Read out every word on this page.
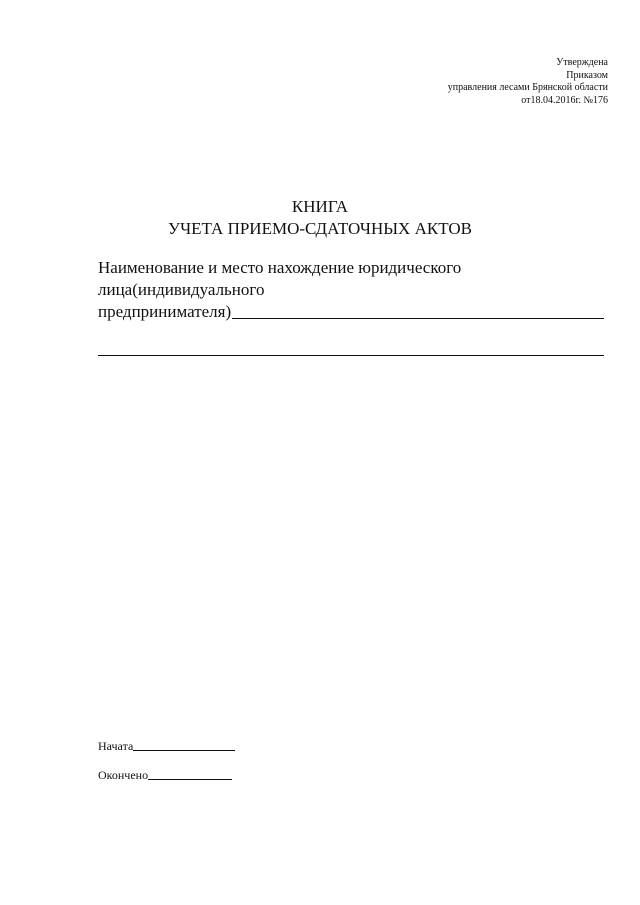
Утверждена
Приказом
управления лесами Брянской области
от18.04.2016г. №176
КНИГА
УЧЕТА ПРИЕМО-СДАТОЧНЫХ АКТОВ
Наименование и место нахождение юридического
лица(индивидуального
предпринимателя)
Начата
Окончено
